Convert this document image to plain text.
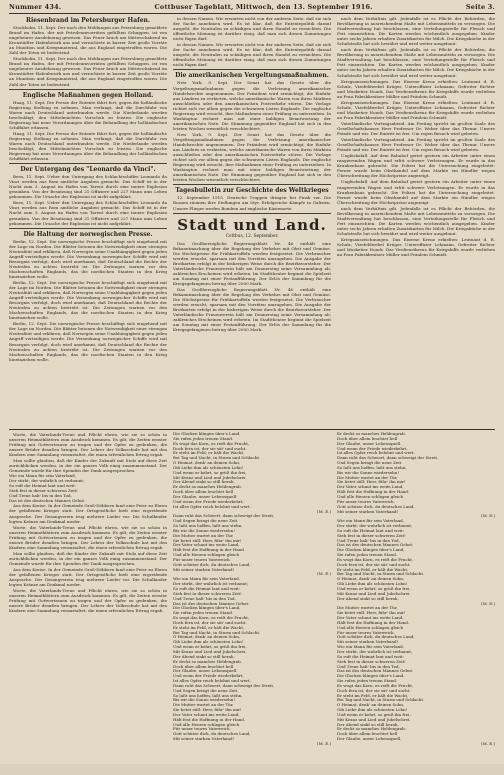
Nummer 434.	Cottbuser Tageblatt, Mittwoch, den 13. September 1916.	Seite 3.
Riesenbrand im Petersburger Hafen.

Stockholm, 11. Sept. Der nach den Meldungen aus Petersburg gemeldete Brand im Hafen, der mit Petroleumvorräten gefüllten Schuppen, ist von ungeheurer Ausdehnung gewesen. Das Feuer brach am Mittwochabend im Kronstädter Hafenbezirk aus und vernichtete in kurzer Zeit große Vorräte an Munition und Kriegsmaterial, die aus England eingetroffen waren. Die Zahl der Toten ist bedeutend.

Stockholm, 11. Sept. Der nach den Meldungen aus Petersburg gemeldete Brand im Hafen, der mit Petroleumvorräten gefüllten Schuppen, ist von ungeheurer Ausdehnung gewesen. Das Feuer brach am Mittwochabend im Kronstädter Hafenbezirk aus und vernichtete in kurzer Zeit große Vorräte an Munition und Kriegsmaterial, die aus England eingetroffen waren. Die Zahl der Toten ist bedeutend.

Englische Maßnahmen gegen Holland.

Haag, 11. Sept. Die Presse der Entente fährt fort, gegen die holländische Regierung Stellung zu nehmen. Man verlangt, daß die Durchfuhr von Waren nach Deutschland unterbunden werde. Die Niederlande werden beschuldigt, den Mittelmächten Vorschub zu leisten. Die englische Regierung hat neue Verordnungen über die Behandlung der holländischen Schiffahrt erlassen.

Haag, 11. Sept. Die Presse der Entente fährt fort, gegen die holländische Regierung Stellung zu nehmen. Man verlangt, daß die Durchfuhr von Waren nach Deutschland unterbunden werde. Die Niederlande werden beschuldigt, den Mittelmächten Vorschub zu leisten. Die englische Regierung hat neue Verordnungen über die Behandlung der holländischen Schiffahrt erlassen.

Der Untergang des "Leonardo da Vinci".

Bern, 11. Sept. Ueber den Untergang des Schlachtschiffes Leonardo da Vinci werden aus Rom amtliche Angaben gemacht. Das Schiff ist in der Nacht zum 3. August im Hafen von Tarent durch eine innere Explosion gesunken. Von der Besatzung sind 21 Offiziere und 227 Mann ums Leben gekommen. Die Ursache der Explosion ist nicht aufgeklärt.

Bern, 11. Sept. Ueber den Untergang des Schlachtschiffes Leonardo da Vinci werden aus Rom amtliche Angaben gemacht. Das Schiff ist in der Nacht zum 3. August im Hafen von Tarent durch eine innere Explosion gesunken. Von der Besatzung sind 21 Offiziere und 227 Mann ums Leben gekommen. Die Ursache der Explosion ist nicht aufgeklärt.

Die Haltung der norwegischen Presse.

Berlin, 12. Sept. Die norwegische Presse beschäftigt sich eingehend mit der Lage im Norden. Die Blätter betonen die Notwendigkeit einer strengen Neutralität und erklären, daß Norwegen seine Unabhängigkeit gegen jeden Angriff verteidigen werde. Die Versenkung norwegischer Schiffe wird mit Besorgnis verfolgt, doch wird anerkannt, daß Deutschland die Rechte der Neutralen zu achten bestrebt ist. Die Zeitungen warnen vor den Machenschaften Englands, das die nordischen Staaten in den Krieg hineinziehen wolle.

Berlin, 12. Sept. Die norwegische Presse beschäftigt sich eingehend mit der Lage im Norden. Die Blätter betonen die Notwendigkeit einer strengen Neutralität und erklären, daß Norwegen seine Unabhängigkeit gegen jeden Angriff verteidigen werde. Die Versenkung norwegischer Schiffe wird mit Besorgnis verfolgt, doch wird anerkannt, daß Deutschland die Rechte der Neutralen zu achten bestrebt ist. Die Zeitungen warnen vor den Machenschaften Englands, das die nordischen Staaten in den Krieg hineinziehen wolle.

Berlin, 12. Sept. Die norwegische Presse beschäftigt sich eingehend mit der Lage im Norden. Die Blätter betonen die Notwendigkeit einer strengen Neutralität und erklären, daß Norwegen seine Unabhängigkeit gegen jeden Angriff verteidigen werde. Die Versenkung norwegischer Schiffe wird mit Besorgnis verfolgt, doch wird anerkannt, daß Deutschland die Rechte der Neutralen zu achten bestrebt ist. Die Zeitungen warnen vor den Machenschaften Englands, das die nordischen Staaten in den Krieg hineinziehen wolle.

in dessen Namen. Wir erwarten nicht von der anderen Seite, daß sie sich der Sache annehmen wird. Es ist klar, daß die Ententepolitik darauf ausgeht, die Neutralen zu schädigen und ihren Handel zu vernichten. Die öffentliche Meinung ist darüber einig, daß man sich diesen Zumutungen nicht fügen darf.

in dessen Namen. Wir erwarten nicht von der anderen Seite, daß sie sich der Sache annehmen wird. Es ist klar, daß die Ententepolitik darauf ausgeht, die Neutralen zu schädigen und ihren Handel zu vernichten. Die öffentliche Meinung ist darüber einig, daß man sich diesen Zumutungen nicht fügen darf.

Die amerikanischen Vergeltungsmaßnahmen.

New York, 9. Sept. Der Senat hat das Gesetz über die Vergeltungsmaßnahmen gegen die Verletzung amerikanischer Handelsrechte angenommen. Der Präsident wird ermächtigt, die Einfuhr aus Ländern zu verbieten, welche amerikanische Waren von ihren Märkten ausschließen oder den amerikanischen Postverkehr stören. Die Vorlage richtet sich vor allem gegen die schwarzen Listen Englands. Die englische Regierung wird ersucht, ihre Maßnahmen einer Prüfung zu unterziehen. In Washington rechnet man mit einer baldigen Beantwortung der amerikanischen Note. Die Stimmung gegenüber England hat sich in den letzten Wochen wesentlich verschlechtert.

New York, 9. Sept. Der Senat hat das Gesetz über die Vergeltungsmaßnahmen gegen die Verletzung amerikanischer Handelsrechte angenommen. Der Präsident wird ermächtigt, die Einfuhr aus Ländern zu verbieten, welche amerikanische Waren von ihren Märkten ausschließen oder den amerikanischen Postverkehr stören. Die Vorlage richtet sich vor allem gegen die schwarzen Listen Englands. Die englische Regierung wird ersucht, ihre Maßnahmen einer Prüfung zu unterziehen. In Washington rechnet man mit einer baldigen Beantwortung der amerikanischen Note. Die Stimmung gegenüber England hat sich in den letzten Wochen wesentlich verschlechtert.

Tagesbulletin zur Geschichte des Weltkrieges

12. September 1915. Deutsche Truppen dringen bei Pinsk vor. Die Russen räumen ihre Stellungen am Styr. Erfolgreiche Kämpfe in Galizien. Unsere Flieger werfen Bomben auf englische Küstenorte.

Stadt und Land.
Cottbus, 12. September.

Das Großherzogliche Regierungsblatt Nr. 46 enthält eine Bekanntmachung über die Regelung des Verkehrs mit Obst und Gemüse. Die Höchstpreise für Frühkartoffeln werden festgesetzt. Die Verbraucher werden ersucht, sparsam mit den Vorräten umzugehen. Die Ausgabe der Brotkarten erfolgt in der bisherigen Weise durch die Bezirksvorsteher. Der Vaterländische Frauenverein hält am Donnerstag seine Versammlung ab; zahlreiches Erscheinen wird erbeten. Im Stadttheater beginnt die Spielzeit am Sonntag mit einer Festaufführung. Der Erlös der Sammlung für die Kriegsgefangenen betrug über 2000 Mark.

Das Großherzogliche Regierungsblatt Nr. 46 enthält eine Bekanntmachung über die Regelung des Verkehrs mit Obst und Gemüse. Die Höchstpreise für Frühkartoffeln werden festgesetzt. Die Verbraucher werden ersucht, sparsam mit den Vorräten umzugehen. Die Ausgabe der Brotkarten erfolgt in der bisherigen Weise durch die Bezirksvorsteher. Der Vaterländische Frauenverein hält am Donnerstag seine Versammlung ab; zahlreiches Erscheinen wird erbeten. Im Stadttheater beginnt die Spielzeit am Sonntag mit einer Festaufführung. Der Erlös der Sammlung für die Kriegsgefangenen betrug über 2000 Mark.

nach dem Verhältnis gilt. Jedenfalls ist es Pflicht der Behörden, die Bevölkerung in ausreichendem Maße mit Lebensmitteln zu versorgen. Die Stadtverwaltung hat beschlossen, eine Verteilungsstelle für Fleisch und Fett einzurichten. Die Karten werden wöchentlich ausgegeben. Kinder unter sechs Jahren erhalten Zusatzkarten für Milch. Die Kriegsküche in der Schulstraße hat sich bewährt und wird weiter ausgebaut.

nach dem Verhältnis gilt. Jedenfalls ist es Pflicht der Behörden, die Bevölkerung in ausreichendem Maße mit Lebensmitteln zu versorgen. Die Stadtverwaltung hat beschlossen, eine Verteilungsstelle für Fleisch und Fett einzurichten. Die Karten werden wöchentlich ausgegeben. Kinder unter sechs Jahren erhalten Zusatzkarten für Milch. Die Kriegsküche in der Schulstraße hat sich bewährt und wird weiter ausgebaut.

Kriegsauszeichnungen. Das Eiserne Kreuz erhielten: Leutnant d. R. Schulz, Vizefeldwebel Krüger, Unteroffizier Lehmann, Gefreiter Richter und Musketier Noack. Das Verdienstkreuz für Kriegshilfe wurde verliehen an Frau Fabrikbesitzer Müller und Fräulein Schmidt.

Kriegsauszeichnungen. Das Eiserne Kreuz erhielten: Leutnant d. R. Schulz, Vizefeldwebel Krüger, Unteroffizier Lehmann, Gefreiter Richter und Musketier Noack. Das Verdienstkreuz für Kriegshilfe wurde verliehen an Frau Fabrikbesitzer Müller und Fräulein Schmidt.

Vaterländische Vortragsabend. Am Freitag spricht im großen Saale des Gesellschaftshauses Herr Professor Dr. Weber über das Thema: Unsere Feinde und wir. Der Eintritt ist frei. Um regen Besuch wird gebeten.

Vaterländische Vortragsabend. Am Freitag spricht im großen Saale des Gesellschaftshauses Herr Professor Dr. Weber über das Thema: Unsere Feinde und wir. Der Eintritt ist frei. Um regen Besuch wird gebeten.

Unglücksfall. Auf dem Bahnhof geriet gestern ein Arbeiter unter einen rangierenden Wagen und erlitt schwere Verletzungen. Er wurde in das Krankenhaus gebracht. Die Polizei hat die Untersuchung eingeleitet. Ferner wurde beim Obsthandel auf dem Markte ein Händler wegen Überschreitung der Höchstpreise angezeigt.

Unglücksfall. Auf dem Bahnhof geriet gestern ein Arbeiter unter einen rangierenden Wagen und erlitt schwere Verletzungen. Er wurde in das Krankenhaus gebracht. Die Polizei hat die Untersuchung eingeleitet. Ferner wurde beim Obsthandel auf dem Markte ein Händler wegen Überschreitung der Höchstpreise angezeigt.

nach dem Verhältnis gilt. Jedenfalls ist es Pflicht der Behörden, die Bevölkerung in ausreichendem Maße mit Lebensmitteln zu versorgen. Die Stadtverwaltung hat beschlossen, eine Verteilungsstelle für Fleisch und Fett einzurichten. Die Karten werden wöchentlich ausgegeben. Kinder unter sechs Jahren erhalten Zusatzkarten für Milch. Die Kriegsküche in der Schulstraße hat sich bewährt und wird weiter ausgebaut.

Kriegsauszeichnungen. Das Eiserne Kreuz erhielten: Leutnant d. R. Schulz, Vizefeldwebel Krüger, Unteroffizier Lehmann, Gefreiter Richter und Musketier Noack. Das Verdienstkreuz für Kriegshilfe wurde verliehen an Frau Fabrikbesitzer Müller und Fräulein Schmidt.

Worte, die Vaterlands-Treue und Pflicht ehren, wie sie so schön in unseren Heimatblättern zum Ausdruck kommen. Es gilt, die Zeiten ernster Prüfung mit Gottvertrauen zu tragen und der Opfer zu gedenken, die unsere Brüder draußen bringen. Der Lehrer der Volksschule hat mit den Kindern eine Sammlung veranstaltet, die einen erfreulichen Ertrag ergab.

Man sollte glauben, daß die Kinder der Zukunft mit Stolz auf diese Zeit zurückblicken werden, in der ein ganzes Volk einig zusammenstand. Der Gemeinde wurde für ihre Spenden der Dank ausgesprochen.

Wie ein Mann für sein Vaterland,
Der stirbt, der wahrlich ist verbannt;
So ruft die Heimat laut und weit:
Steh fest in dieser schweren Zeit!
Und Treue halt' bis in den Tod,
Das ist des deutschen Mannes Gebot.

Aus dem Kreise. In der Gemeinde Groß-Döbbern fand eine Feier zu Ehren der gefallenen Krieger statt. Der Ortsgeistliche hielt eine ergreifende Ansprache. Der Gesangverein trug mehrere Lieder vor. Die Schulkinder legten Kränze am Denkmal nieder.

Worte, die Vaterlands-Treue und Pflicht ehren, wie sie so schön in unseren Heimatblättern zum Ausdruck kommen. Es gilt, die Zeiten ernster Prüfung mit Gottvertrauen zu tragen und der Opfer zu gedenken, die unsere Brüder draußen bringen. Der Lehrer der Volksschule hat mit den Kindern eine Sammlung veranstaltet, die einen erfreulichen Ertrag ergab.

Man sollte glauben, daß die Kinder der Zukunft mit Stolz auf diese Zeit zurückblicken werden, in der ein ganzes Volk einig zusammenstand. Der Gemeinde wurde für ihre Spenden der Dank ausgesprochen.

Aus dem Kreise. In der Gemeinde Groß-Döbbern fand eine Feier zu Ehren der gefallenen Krieger statt. Der Ortsgeistliche hielt eine ergreifende Ansprache. Der Gesangverein trug mehrere Lieder vor. Die Schulkinder legten Kränze am Denkmal nieder.

Worte, die Vaterlands-Treue und Pflicht ehren, wie sie so schön in unseren Heimatblättern zum Ausdruck kommen. Es gilt, die Zeiten ernster Prüfung mit Gottvertrauen zu tragen und der Opfer zu gedenken, die unsere Brüder draußen bringen. Der Lehrer der Volksschule hat mit den Kindern eine Sammlung veranstaltet, die einen erfreulichen Ertrag ergab.

Die Glocken klingen über's Land,
Sie rufen jeden treuen Stand.
Es wogt das Korn, es reift die Frucht,
Doch fern ist, der sie sät' und sucht.
Er steht im Feld, er hält die Wacht,
Bei Tag und Nacht, in Sturm und Schlacht.
O Heimat, denk' an deinen Sohn,
Gib Liebe ihm als schönsten Lohn!
Und wenn er kehrt, so grüß ihn frei,
Mit Kranz und Lied und Jubelschrei.
Der Abend sinkt so still herab,
Er deckt so manches Heldengrab.
Doch über allem leuchtet hell
Der Glaube, unser Lebensquell.
Und wenn der Friede wiederkehrt,
Ist alles Opfer reich belohnt und wert.
(M. E.)
Dann ruht das Schwert, dann schweigt der Streit,
Und Segen bringt die neue Zeit.
So laßt uns hoffen, laßt uns stehn,
Bis wir die Sonne wiedersehn!
Die Mutter wartet an der Tür,
Sie betet still: Herr, führ' ihn mir!
Der Vater schaut ins weite Land,
Hält fest die Hoffnung in der Hand.
Und alle Herzen schlagen gleich
Für unser teures Vaterreich.
Gott schütze dich, du deutsches Land,
Mit seiner starken Vaterhand!
(M. E.)
Wie ein Mann für sein Vaterland,
Der stirbt, der wahrlich ist verbannt;
So ruft die Heimat laut und weit:
Steh fest in dieser schweren Zeit!
Und Treue halt' bis in den Tod,
Das ist des deutschen Mannes Gebot.
Die Glocken klingen über's Land,
Sie rufen jeden treuen Stand.
Es wogt das Korn, es reift die Frucht,
Doch fern ist, der sie sät' und sucht.
Er steht im Feld, er hält die Wacht,
Bei Tag und Nacht, in Sturm und Schlacht.
O Heimat, denk' an deinen Sohn,
Gib Liebe ihm als schönsten Lohn!
Und wenn er kehrt, so grüß ihn frei,
Mit Kranz und Lied und Jubelschrei.
Der Abend sinkt so still herab,
Er deckt so manches Heldengrab.
Doch über allem leuchtet hell
Der Glaube, unser Lebensquell.
Und wenn der Friede wiederkehrt,
Ist alles Opfer reich belohnt und wert.
Dann ruht das Schwert, dann schweigt der Streit,
Und Segen bringt die neue Zeit.
So laßt uns hoffen, laßt uns stehn,
Bis wir die Sonne wiedersehn!
Die Mutter wartet an der Tür,
Sie betet still: Herr, führ' ihn mir!
Der Vater schaut ins weite Land,
Hält fest die Hoffnung in der Hand.
Und alle Herzen schlagen gleich
Für unser teures Vaterreich.
Gott schütze dich, du deutsches Land,
Mit seiner starken Vaterhand!
(M. E.)
Er deckt so manches Heldengrab.
Doch über allem leuchtet hell
Der Glaube, unser Lebensquell.
Und wenn der Friede wiederkehrt,
Ist alles Opfer reich belohnt und wert.
Dann ruht das Schwert, dann schweigt der Streit,
Und Segen bringt die neue Zeit.
So laßt uns hoffen, laßt uns stehn,
Bis wir die Sonne wiedersehn!
Die Mutter wartet an der Tür,
Sie betet still: Herr, führ' ihn mir!
Der Vater schaut ins weite Land,
Hält fest die Hoffnung in der Hand.
Und alle Herzen schlagen gleich
Für unser teures Vaterreich.
Gott schütze dich, du deutsches Land,
Mit seiner starken Vaterhand!
(M. E.)
Wie ein Mann für sein Vaterland,
Der stirbt, der wahrlich ist verbannt;
So ruft die Heimat laut und weit:
Steh fest in dieser schweren Zeit!
Und Treue halt' bis in den Tod,
Das ist des deutschen Mannes Gebot.
Die Glocken klingen über's Land,
Sie rufen jeden treuen Stand.
Es wogt das Korn, es reift die Frucht,
Doch fern ist, der sie sät' und sucht.
Er steht im Feld, er hält die Wacht,
Bei Tag und Nacht, in Sturm und Schlacht.
O Heimat, denk' an deinen Sohn,
Gib Liebe ihm als schönsten Lohn!
Und wenn er kehrt, so grüß ihn frei,
Mit Kranz und Lied und Jubelschrei.
Der Abend sinkt so still herab,
(M. E.)
Die Mutter wartet an der Tür,
Sie betet still: Herr, führ' ihn mir!
Der Vater schaut ins weite Land,
Hält fest die Hoffnung in der Hand.
Und alle Herzen schlagen gleich
Für unser teures Vaterreich.
Gott schütze dich, du deutsches Land,
Mit seiner starken Vaterhand!
Wie ein Mann für sein Vaterland,
Der stirbt, der wahrlich ist verbannt;
So ruft die Heimat laut und weit:
Steh fest in dieser schweren Zeit!
Und Treue halt' bis in den Tod,
Das ist des deutschen Mannes Gebot.
Die Glocken klingen über's Land,
Sie rufen jeden treuen Stand.
Es wogt das Korn, es reift die Frucht,
Doch fern ist, der sie sät' und sucht.
Er steht im Feld, er hält die Wacht,
Bei Tag und Nacht, in Sturm und Schlacht.
O Heimat, denk' an deinen Sohn,
Gib Liebe ihm als schönsten Lohn!
Und wenn er kehrt, so grüß ihn frei,
Mit Kranz und Lied und Jubelschrei.
Der Abend sinkt so still herab,
Er deckt so manches Heldengrab.
Doch über allem leuchtet hell
Der Glaube, unser Lebensquell.
(M. E.)
